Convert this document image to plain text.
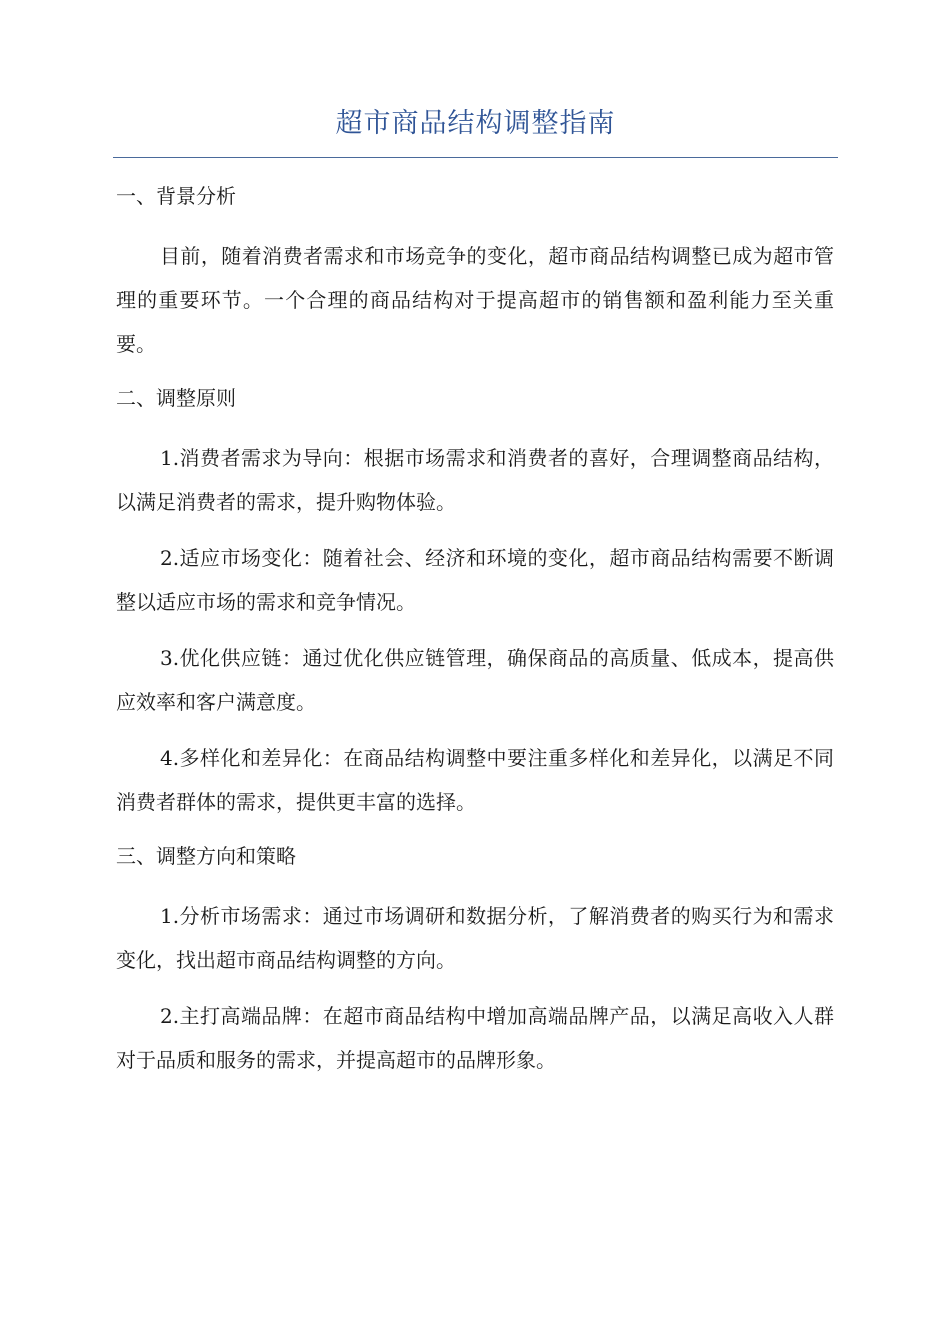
超市商品结构调整指南
一、背景分析

目前，随着消费者需求和市场竞争的变化，超市商品结构调整已成为超市管理的重要环节。一个合理的商品结构对于提高超市的销售额和盈利能力至关重要。

二、调整原则

1.消费者需求为导向：根据市场需求和消费者的喜好，合理调整商品结构，以满足消费者的需求，提升购物体验。

2.适应市场变化：随着社会、经济和环境的变化，超市商品结构需要不断调整以适应市场的需求和竞争情况。

3.优化供应链：通过优化供应链管理，确保商品的高质量、低成本，提高供应效率和客户满意度。

4.多样化和差异化：在商品结构调整中要注重多样化和差异化，以满足不同消费者群体的需求，提供更丰富的选择。

三、调整方向和策略

1.分析市场需求：通过市场调研和数据分析，了解消费者的购买行为和需求变化，找出超市商品结构调整的方向。

2.主打高端品牌：在超市商品结构中增加高端品牌产品，以满足高收入人群对于品质和服务的需求，并提高超市的品牌形象。
